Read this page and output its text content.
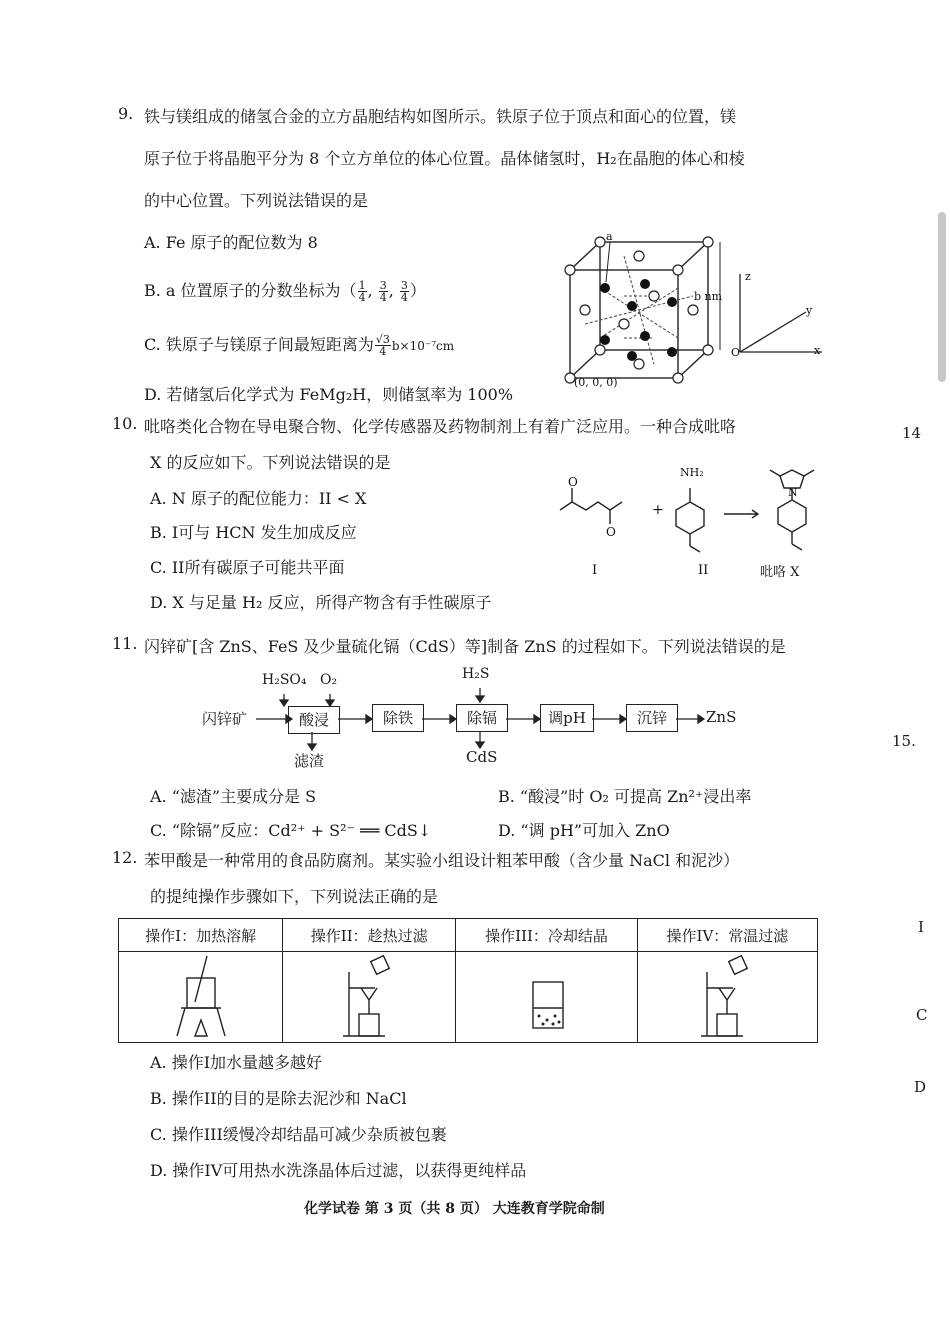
9. 铁与镁组成的储氢合金的立方晶胞结构如图所示。铁原子位于顶点和面心的位置，镁
原子位于将晶胞平分为 8 个立方单位的体心位置。晶体储氢时，H₂在晶胞的体心和棱
的中心位置。下列说法错误的是
A. Fe 原子的配位数为 8
B. a 位置原子的分数坐标为（ $\frac{1}{4}$ , $\frac{3}{4}$ , $\frac{3}{4}$ ）
C. 铁原子与镁原子间最短距离为 $\frac{√3}{4} b\times 10^{-7}cm$
D. 若储氢后化学式为 FeMg₂H，则储氢率为 100%
a
b nm
(0, 0, 0)
z
y
x
O
10. 吡咯类化合物在导电聚合物、化学传感器及药物制剂上有着广泛应用。一种合成吡咯
X 的反应如下。下列说法错误的是
A. N 原子的配位能力：II < X
B. I可与 HCN 发生加成反应
C. II所有碳原子可能共平面
D. X 与足量 H₂ 反应，所得产物含有手性碳原子
O
O
+
NH₂
N
I	II	吡咯 X
11. 闪锌矿[含 ZnS、FeS 及少量硫化镉（CdS）等]制备 ZnS 的过程如下。下列说法错误的是
闪锌矿
H₂SO₄ O₂	H₂S
酸浸	除铁	除镉	调pH	沉锌	ZnS
滤渣	CdS
A. “滤渣”主要成分是 S	B. “酸浸”时 O₂ 可提高 Zn²⁺浸出率
C. “除镉”反应：Cd²⁺ + S²⁻ ══ CdS↓	D. “调 pH”可加入 ZnO
12. 苯甲酸是一种常用的食品防腐剂。某实验小组设计粗苯甲酸（含少量 NaCl 和泥沙）
的提纯操作步骤如下，下列说法正确的是
操作I：加热溶解	操作II：趁热过滤	操作III：冷却结晶	操作IV：常温过滤

A. 操作I加水量越多越好
B. 操作II的目的是除去泥沙和 NaCl
C. 操作III缓慢冷却结晶可减少杂质被包裹
D. 操作IV可用热水洗涤晶体后过滤，以获得更纯样品
化学试卷 第 3 页（共 8 页） 大连教育学院命制
14
15.
I
C
D
